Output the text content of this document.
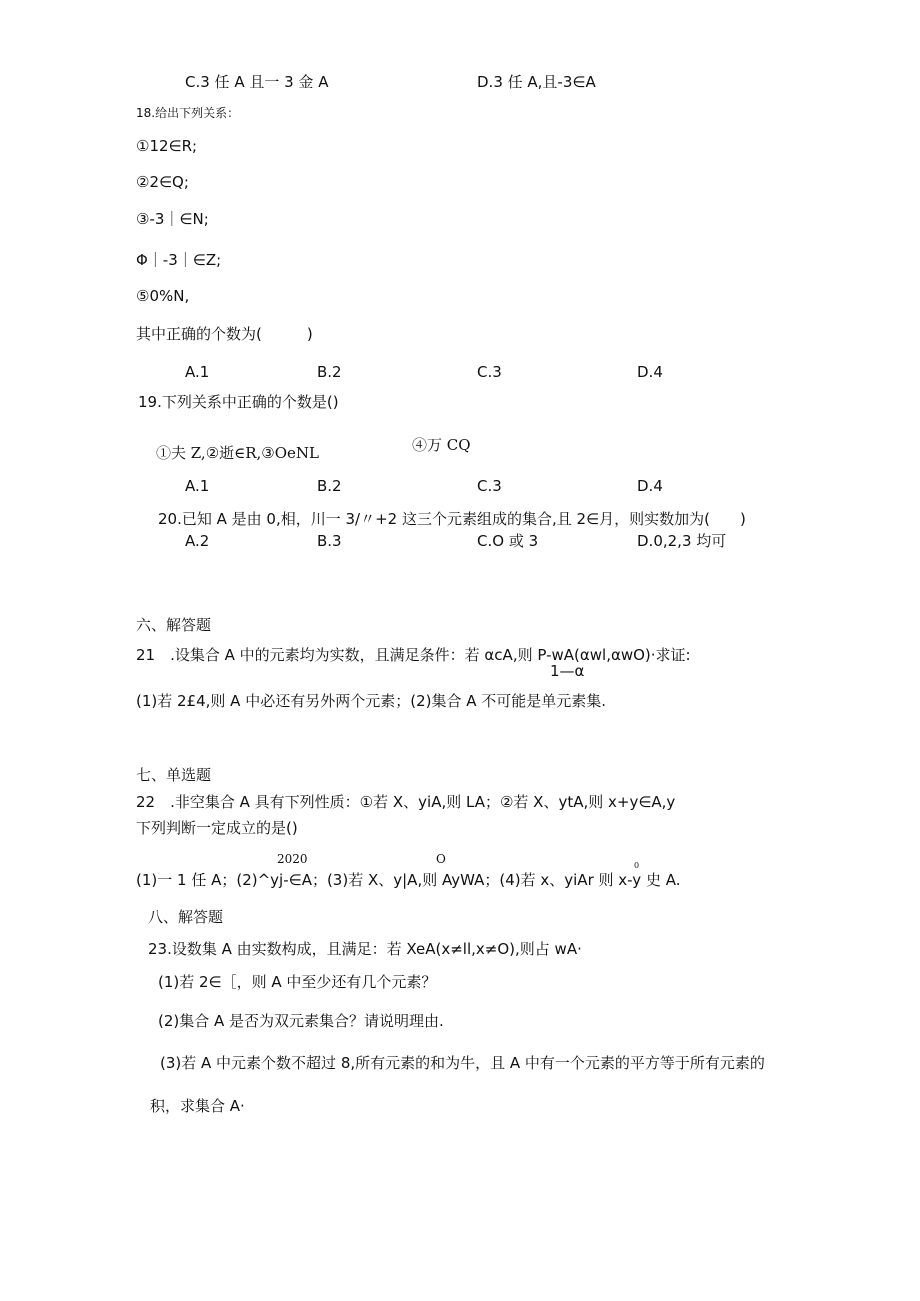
C.3 任 A 且一 3 金 A	D.3 任 A,且-3∈A
18.给出下列关系：
①12∈R;
②2∈Q;
③-3｜∈N;
Φ｜-3｜∈Z;
⑤0%N,
其中正确的个数为(　　　)
A.1	B.2	C.3	D.4
19.下列关系中正确的个数是()
④万 CQ
①夫 Z,②逝∈R,③OeNL
A.1	B.2	C.3	D.4
20.已知 A 是由 0,相，川一 3/〃+2 这三个元素组成的集合,且 2∈月，则实数加为(　　)
A.2	B.3	C.O 或 3	D.0,2,3 均可
六、解答题
21　.设集合 A 中的元素均为实数，且满足条件：若 αcA,则 P-wA(αwl,αwO)·求证:
1—α
(1)若 2£4,则 A 中必还有另外两个元素；(2)集合 A 不可能是单元素集.
七、单选题
22　.非空集合 A 具有下列性质：①若 X、yiA,则 LA；②若 X、ytA,则 x+y∈A,y
下列判断一定成立的是()
2020	O	0
(1)一 1 任 A；(2)^yj-∈A；(3)若 X、y|A,则 AyWA；(4)若 x、yiAr 则 x-y 史 A.
八、解答题
23.设数集 A 由实数构成，且满足：若 XeA(x≠ll,x≠O),则占 wA·
(1)若 2∈［，则 A 中至少还有几个元素？
(2)集合 A 是否为双元素集合？请说明理由.
(3)若 A 中元素个数不超过 8,所有元素的和为牛，且 A 中有一个元素的平方等于所有元素的
积，求集合 A·
